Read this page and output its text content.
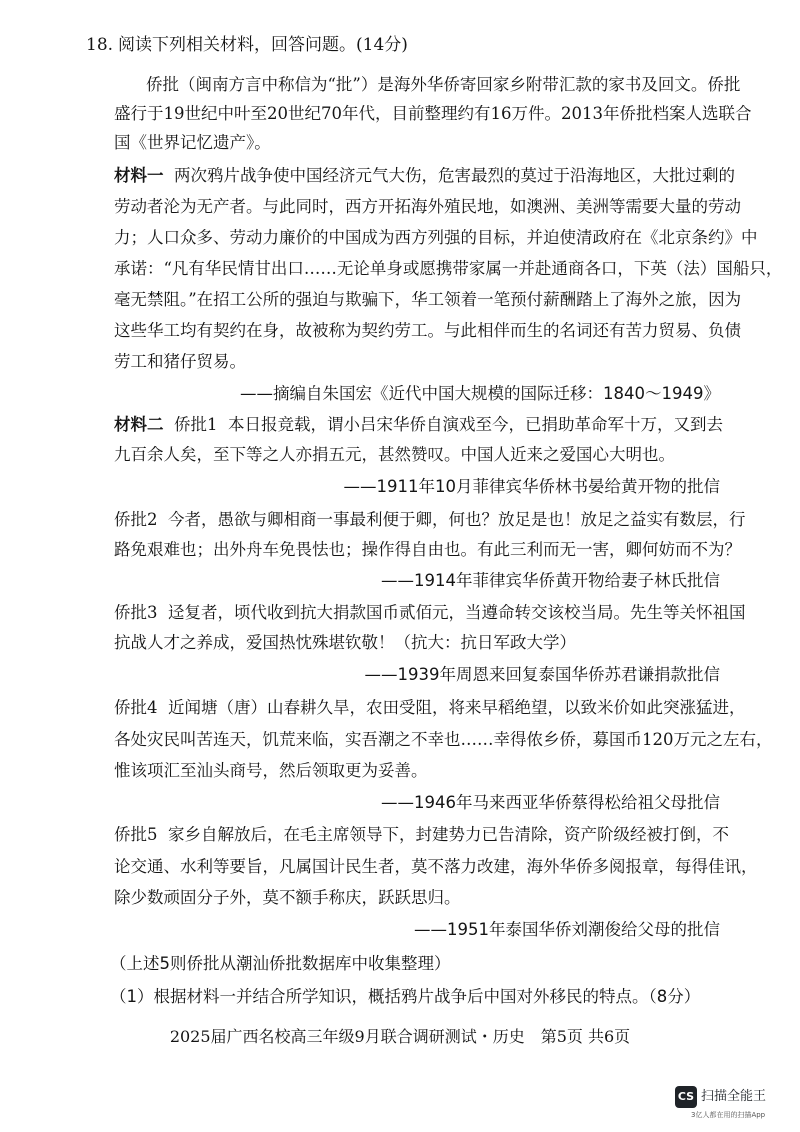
18. 阅读下列相关材料，回答问题。(14分)
侨批（闽南方言中称信为“批”）是海外华侨寄回家乡附带汇款的家书及回文。侨批
盛行于19世纪中叶至20世纪70年代，目前整理约有16万件。2013年侨批档案人选联合
国《世界记忆遗产》。
材料一 两次鸦片战争使中国经济元气大伤，危害最烈的莫过于沿海地区，大批过剩的
劳动者沦为无产者。与此同时，西方开拓海外殖民地，如澳洲、美洲等需要大量的劳动
力；人口众多、劳动力廉价的中国成为西方列强的目标，并迫使清政府在《北京条约》中
承诺：“凡有华民情甘出口……无论单身或愿携带家属一并赴通商各口，下英（法）国船只，
毫无禁阻。”在招工公所的强迫与欺骗下，华工领着一笔预付薪酬踏上了海外之旅，因为
这些华工均有契约在身，故被称为契约劳工。与此相伴而生的名词还有苦力贸易、负债
劳工和猪仔贸易。
——摘编自朱国宏《近代中国大规模的国际迁移：1840～1949》
材料二 侨批1 本日报竞载，谓小吕宋华侨自演戏至今，已捐助革命军十万，又到去
九百余人矣，至下等之人亦捐五元，甚然赞叹。中国人近来之爱国心大明也。
——1911年10月菲律宾华侨林书晏给黄开物的批信
侨批2 今者，愚欲与卿相商一事最利便于卿，何也？放足是也！放足之益实有数层，行
路免艰难也；出外舟车免畏怯也；操作得自由也。有此三利而无一害，卿何妨而不为？
——1914年菲律宾华侨黄开物给妻子林氏批信
侨批3 迳复者，顷代收到抗大捐款国币贰佰元，当遵命转交该校当局。先生等关怀祖国
抗战人才之养成，爱国热忱殊堪钦敬！（抗大：抗日军政大学）
——1939年周恩来回复泰国华侨苏君谦捐款批信
侨批4 近闻塘（唐）山春耕久旱，农田受阻，将来早稻绝望，以致米价如此突涨猛进，
各处灾民叫苦连天，饥荒来临，实吾潮之不幸也……幸得侬乡侨，募国币120万元之左右，
惟该项汇至汕头商号，然后领取更为妥善。
——1946年马来西亚华侨蔡得松给祖父母批信
侨批5 家乡自解放后，在毛主席领导下，封建势力已告清除，资产阶级经被打倒，不
论交通、水利等要旨，凡属国计民生者，莫不落力改建，海外华侨多阅报章，每得佳讯，
除少数顽固分子外，莫不额手称庆，跃跃思归。
——1951年泰国华侨刘潮俊给父母的批信
（上述5则侨批从潮汕侨批数据库中收集整理）
（1）根据材料一并结合所学知识，概括鸦片战争后中国对外移民的特点。（8分）
2025届广西名校高三年级9月联合调研测试・历史　第5页 共6页
CS 扫描全能王
3亿人都在用的扫描App
